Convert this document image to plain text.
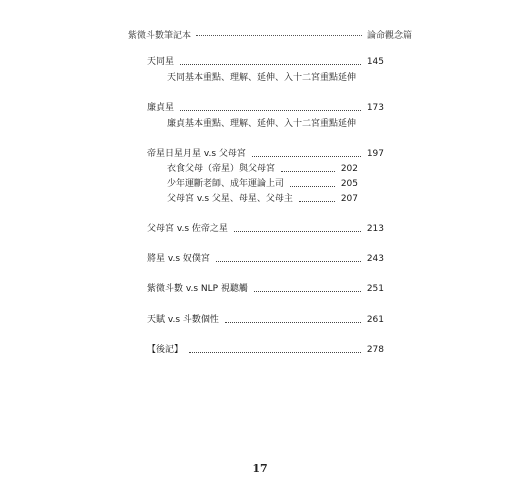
紫微斗數筆記本	論命觀念篇
天同星	145
天同基本重點、理解、延伸、入十二宮重點延伸
廉貞星	173
廉貞基本重點、理解、延伸、入十二宮重點延伸
帝星日星月星 v.s 父母宮	197
衣食父母（帝星）與父母宮	202
少年運斷老師、成年運論上司	205
父母宮 v.s 父星、母星、父母主	207
父母宮 v.s 佐帝之星	213
將星 v.s 奴僕宮	243
紫微斗數 v.s NLP 視聽觸	251
天賦 v.s 斗數個性	261
【後記】	278
17
